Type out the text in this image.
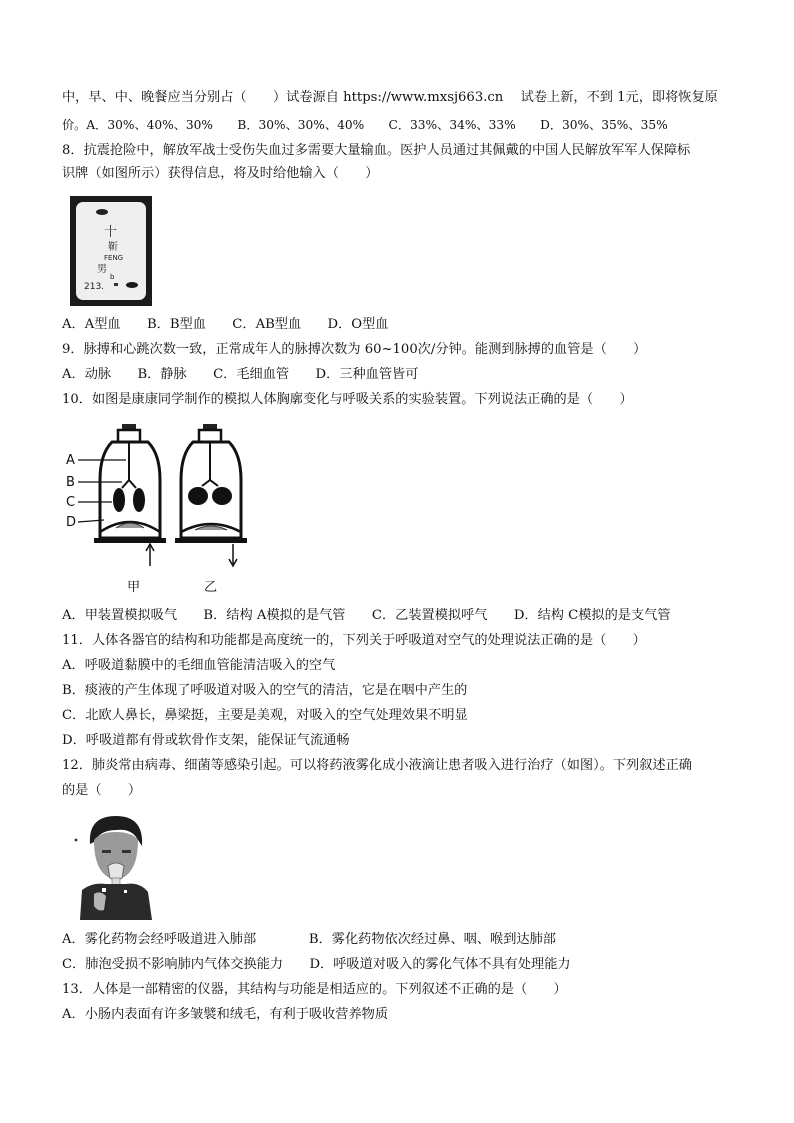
中，早、中、晚餐应当分别占（　　）试卷源自 https://www.mxsj663.cn　 试卷上新，不到 1元，即将恢复原
价。A．30%、40%、30%　　B．30%、30%、40%　　C．33%、34%、33%　　D．30%、35%、35%
8．抗震抢险中，解放军战士受伤失血过多需要大量输血。医护人员通过其佩戴的中国人民解放军军人保障标
识牌（如图所示）获得信息，将及时给他输入（　　）
十
靳
FENG
男
b
213.
A．A型血　　B．B型血　　C．AB型血　　D．O型血
9．脉搏和心跳次数一致，正常成年人的脉搏次数为 60~100次/分钟。能测到脉搏的血管是（　　）
A．动脉　　B．静脉　　C．毛细血管　　D．三种血管皆可
10．如图是康康同学制作的模拟人体胸廓变化与呼吸关系的实验装置。下列说法正确的是（　　）
A
B
C
D
甲	乙
A．甲装置模拟吸气　　B．结构 A模拟的是气管　　C．乙装置模拟呼气　　D．结构 C模拟的是支气管
11．人体各器官的结构和功能都是高度统一的，下列关于呼吸道对空气的处理说法正确的是（　　）
A．呼吸道黏膜中的毛细血管能清洁吸入的空气
B．痰液的产生体现了呼吸道对吸入的空气的清洁，它是在咽中产生的
C．北欧人鼻长，鼻梁挺，主要是美观，对吸入的空气处理效果不明显
D．呼吸道都有骨或软骨作支架，能保证气流通畅
12．肺炎常由病毒、细菌等感染引起。可以将药液雾化成小液滴让患者吸入进行治疗（如图）。下列叙述正确
的是（　　）
A．雾化药物会经呼吸道进入肺部　　　　B．雾化药物依次经过鼻、咽、喉到达肺部
C．肺泡受损不影响肺内气体交换能力　　D．呼吸道对吸入的雾化气体不具有处理能力
13．人体是一部精密的仪器，其结构与功能是相适应的。下列叙述不正确的是（　　）
A．小肠内表面有许多皱襞和绒毛，有利于吸收营养物质
